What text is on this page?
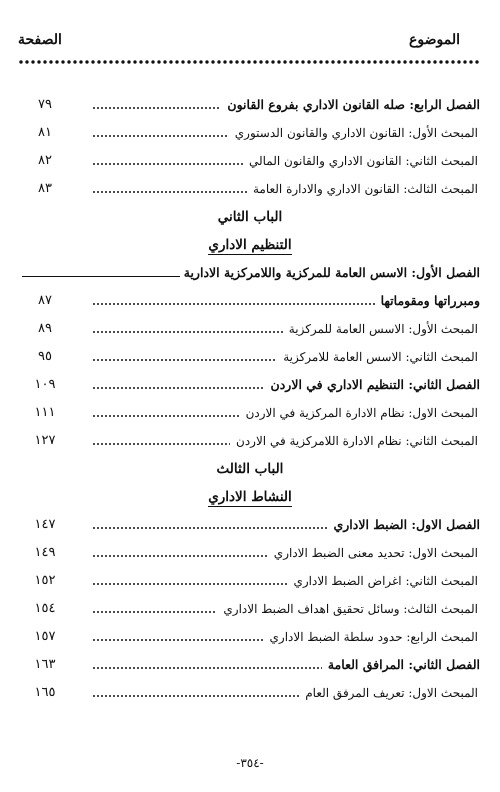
الموضوع
الصفحة
الفصل الرابع: صله القانون الاداري بفروع القانون
٧٩
المبحث الأول: القانون الاداري والقانون الدستوري
٨١
المبحث الثاني: القانون الاداري والقانون المالي
٨٢
المبحث الثالث: القانون الاداري والادارة العامة
٨٣
الباب الثاني
التنظيم الاداري
الفصل الأول: الاسس العامة للمركزية واللامركزية الادارية
ومبرراتها ومقوماتها
٨٧
المبحث الأول: الاسس العامة للمركزية
٨٩
المبحث الثاني: الاسس العامة للامركزية
٩٥
الفصل الثاني: التنظيم الاداري في الاردن
١٠٩
المبحث الاول: نظام الادارة المركزية في الاردن
١١١
المبحث الثاني: نظام الادارة اللامركزية في الاردن
١٢٧
الباب الثالث
النشاط الاداري
الفصل الاول: الضبط الاداري
١٤٧
المبحث الاول: تحديد معنى الضبط الاداري
١٤٩
المبحث الثاني: اغراض الضبط الاداري
١٥٢
المبحث الثالث: وسائل تحقيق اهداف الضبط الاداري
١٥٤
المبحث الرابع: حدود سلطة الضبط الاداري
١٥٧
الفصل الثاني: المرافق العامة
١٦٣
المبحث الاول: تعريف المرفق العام
١٦٥
-٣٥٤-
